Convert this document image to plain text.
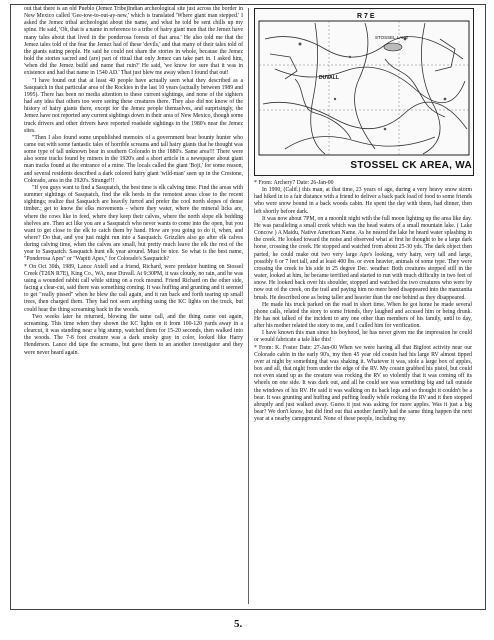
out that there is an old Pueblo (Jemez Tribe)Indian archeological site just across the border in New Mexico called 'Gee-tow-to-out-ay-new,' which is translated 'Where giant man stepped.' I asked the Jemez tribal archeologist about the name, and what he told be sent chills up my spine. He said, 'Oh, that is a name in reference to a tribe of hairy giant men that the Jemez have many tales about that lived in the ponderosa forests of that area.' He also told me that the Jemez tales told of the fear the Jemez had of these 'devils,' and that many of their tales told of the giants eating people. He said he could not share the stories in whole, because the Jemez hold the stories sacred and (are) part of ritual that only Jemez can take part in. I asked him, 'when did the Jemez build and name that ruin?' He said, 'we know for sure that it was in existence and had that name in 1540 AD.' That just blew me away when I found that out!

"I have found out that at least 40 people have actually seen what they described as a Sasquatch in that particular area of the Rockies in the last 10 years (actually between 1989 and 1995). There has been no media attention to these current sightings, and none of the sighters had any idea that others too were seeing these creatures there. They also did not know of the history of hairy giants there, except for the Jemez people themselves, and surprisingly, the Jemez have not reported any current sightings down in their area of New Mexico, though some truck drivers and other drivers have reported roadside sightings in the 1980's near the Jemez sites.

"Then I also found some unpublished memoirs of a government bear bounty hunter who came out with some fantastic tales of horrible screams and tall hairy giants that he thought was some type of tall unknown bear in southern Colorado in the 1880's. Same area!!! There were also some tracks found by miners in the 1920's and a short article in a newspaper about giant man tracks found at the entrance of a mine. The locals called the giant 'Boji,' for some reason, and several residents described a dark colored hairy giant 'wild-man' seen up in the Crestone, Colorado, area in the 1920's. Strange!!!

"If you guys want to find a Sasquatch, the best time is elk calving time. Find the areas with summer sightings of Sasquatch, find the elk herds in the remotest areas close to the recent sightings; realize that Sasquatch are heavily furred and prefer the cool north slopes of dense timber.; get to know the elks movements - where they water, where the mineral licks are, where the cows like to feed, where they keep their calves, where the north slope elk bedding shelves are. Then act like you are a Sasquatch who never wants to come into the open, but you want to get close to the elk to catch them by hand. How are you going to do it, when, and where? Do that, and you just might run into a Sasquatch. Grizzlies also go after elk calves during calving time, when the calves are small, but pretty much leave the elk the rest of the year to Sasquatch. Sasquatch hunt elk year around. Must be nice. So what is the best name, "Ponderosa Apes" or "Wapiti Apes," for Colorado's Sasquatch?

* On Oct 30th, 1989, Lance Axtell and a friend, Richard, were predator hunting on Stossel Creek (T26N R7E), King Co., WA, near Duvall. At 9:30PM, it was cloudy, no rain, and he was using a wounded rabbit call while sitting on a rock mound. Friend Richard on the other side, facing a clear-cut, said there was something coming. It was huffing and grunting and it seemed to get "really pissed" when he blew the call again, and it ran back and forth tearing up small trees, then charged them. They had not seen anything using the KC lights on the truck, but could hear the thing screaming back in the woods.

Two weeks later he returned, blowing the same call, and the thing came out again, screaming. This time when they shown the KC lights on it from 100-120 yards away in a clearcut, it was standing near a big stump, watched them for 15-20 seconds, then walked into the woods. The 7-8 foot creature was a dark smoky gray in color, looked like Harry Henderson. Lance did tape the screams, but gave them to an another investigator and they were never heard again.

STOSSEL LAKE
DUVALL
R 7 E
STOSSEL CK AREA, WA

* From: Archery7 Date: 26-Jan-00

In 1990, (Calif.) this man, at that time, 23 years of age, during a very heavy snow storm had hiked in to a fair distance with a friend to deliver a back pack load of food to some friends who were snow bound in a back woods cabin. He spent the day with them, had dinner, then left shortly before dark.

It was now about 7PM, on a moonlit night with the full moon lighting up the area like day. He was paralleling a small creek which was the head waters of a small mountain lake. ( Lake Concow ) A Maidu, Native American Name. As he neared the lake he heard water splashing in the creek. He looked toward the noise and observed what at first he thought to be a large dark horse, crossing the creek. He stopped and watched from about 25-30 yds. The dark object then parted, he could make out two very large Ape's looking, very hairy, very tall and large, possibly 6 or 7 feet tall, and at least 400 lbs. or even heavier, animals of some type. They were crossing the creek to his side in 25 degree Dec. weather. Both creatures stopped still in the water, looked at him, he became terrified and started to run with much difficulty in two feet of snow. He looked back over his shoulder, stopped and watched the two creatures who were by now out of the creek, on the trail and paying him no mere heed disappeared into the manzanita brush. He described one as being taller and heavier than the one behind as they disappeared.

He made his truck parked on the road in short time. When he got home he made several phone calls, related the story to some friends, they laughed and accused him or being drunk. He has not talked of the incident to any one other than members of his family, until to day, after his mother related the story to me, and I called him for verification.

I have known this man since his boyhood, he has never given me the impression he could or would fabricate a tale like this!

* From: K. Foster Date: 27-Jan-00 When we were having all that Bigfoot activity near our Colorado cabin in the early 90's, my then 45 year old cousin had his large RV almost tipped over at night by something that was shaking it. Whatever it was, stole a large box of apples, box and all, that night from under the edge of the RV. My cousin grabbed his pistol, but could not even stand up as the creature was rocking the RV so violently that it was coming off its wheels on one side. It was dark out, and all he could see was something big and tall outside the windows of his RV. He said it was walking on its back legs and so thought it couldn't be a bear. It was grunting and huffing and puffing loudly while rocking the RV and it then stopped abruptly and just walked away. Guess it just was asking for more apples. Was it just a big bear? We don't know, but did find out that another family had the same thing happen the next year at a nearby campground. None of these people, including my

5.
